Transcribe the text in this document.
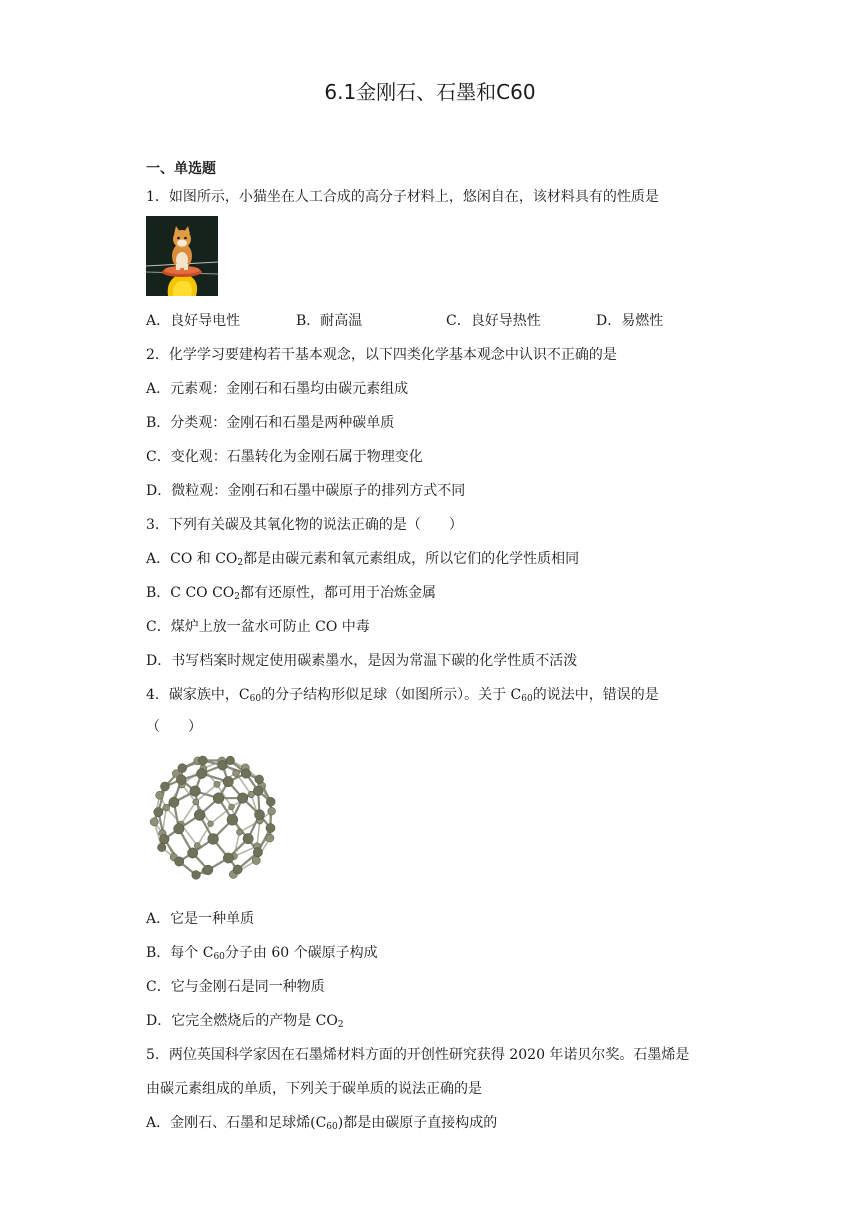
6.1金刚石、石墨和C60
一、单选题
1．如图所示，小猫坐在人工合成的高分子材料上，悠闲自在，该材料具有的性质是
A．良好导电性	B．耐高温	C．良好导热性	D．易燃性
2．化学学习要建构若干基本观念，以下四类化学基本观念中认识不正确的是
A．元素观：金刚石和石墨均由碳元素组成
B．分类观：金刚石和石墨是两种碳单质
C．变化观：石墨转化为金刚石属于物理变化
D．微粒观：金刚石和石墨中碳原子的排列方式不同
3．下列有关碳及其氧化物的说法正确的是（　　）
A．CO 和 $CO_2$都是由碳元素和氧元素组成，所以它们的化学性质相同
B．C CO $CO_2$都有还原性，都可用于冶炼金属
C．煤炉上放一盆水可防止 CO 中毒
D．书写档案时规定使用碳素墨水，是因为常温下碳的化学性质不活泼
4．碳家族中，$C_{60}$的分子结构形似足球（如图所示）。关于 $C_{60}$的说法中，错误的是
（　　）
A．它是一种单质
B．每个 $C_{60}$分子由 60 个碳原子构成
C．它与金刚石是同一种物质
D．它完全燃烧后的产物是 $CO_2$
5．两位英国科学家因在石墨烯材料方面的开创性研究获得 2020 年诺贝尔奖。石墨烯是
由碳元素组成的单质，下列关于碳单质的说法正确的是
A．金刚石、石墨和足球烯$(C_{60})$都是由碳原子直接构成的
